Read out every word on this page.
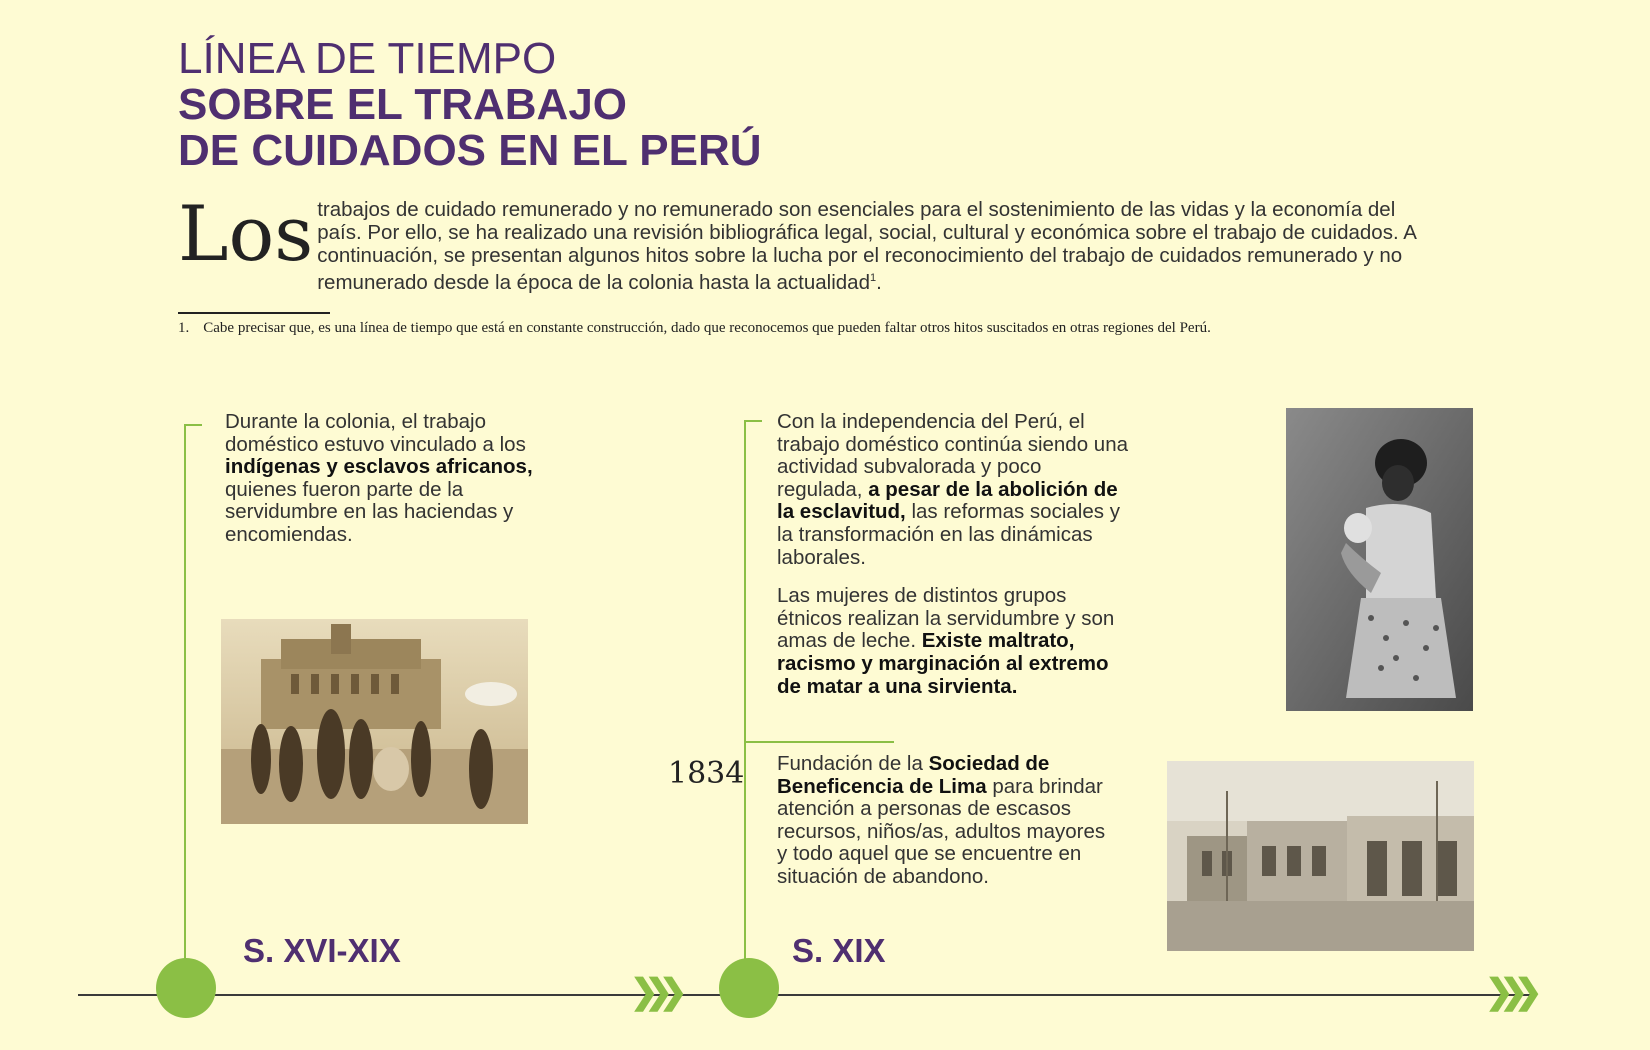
LÍNEA DE TIEMPO
SOBRE EL TRABAJO
DE CUIDADOS EN EL PERÚ
Los trabajos de cuidado remunerado y no remunerado son esenciales para el sostenimiento de las vidas y la economía del país. Por ello, se ha realizado una revisión bibliográfica legal, social, cultural y económica sobre el trabajo de cuidados. A continuación, se presentan algunos hitos sobre la lucha por el reconocimiento del trabajo de cuidados remunerado y no remunerado desde la época de la colonia hasta la actualidad$^1$.
1. Cabe precisar que, es una línea de tiempo que está en constante construcción, dado que reconocemos que pueden faltar otros hitos suscitados en otras regiones del Perú.

Durante la colonia, el trabajo doméstico estuvo vinculado a los indígenas y esclavos africanos, quienes fueron parte de la servidumbre en las haciendas y encomiendas.

S. XVI-XIX

Con la independencia del Perú, el trabajo doméstico continúa siendo una actividad subvalorada y poco regulada, a pesar de la abolición de la esclavitud, las reformas sociales y la transformación en las dinámicas laborales.

Las mujeres de distintos grupos étnicos realizan la servidumbre y son amas de leche. Existe maltrato, racismo y marginación al extremo de matar a una sirvienta.

1834 Fundación de la Sociedad de Beneficencia de Lima para brindar atención a personas de escasos recursos, niños/as, adultos mayores y todo aquel que se encuentre en situación de abandono.

S. XIX
❯❯❯	❯❯❯
